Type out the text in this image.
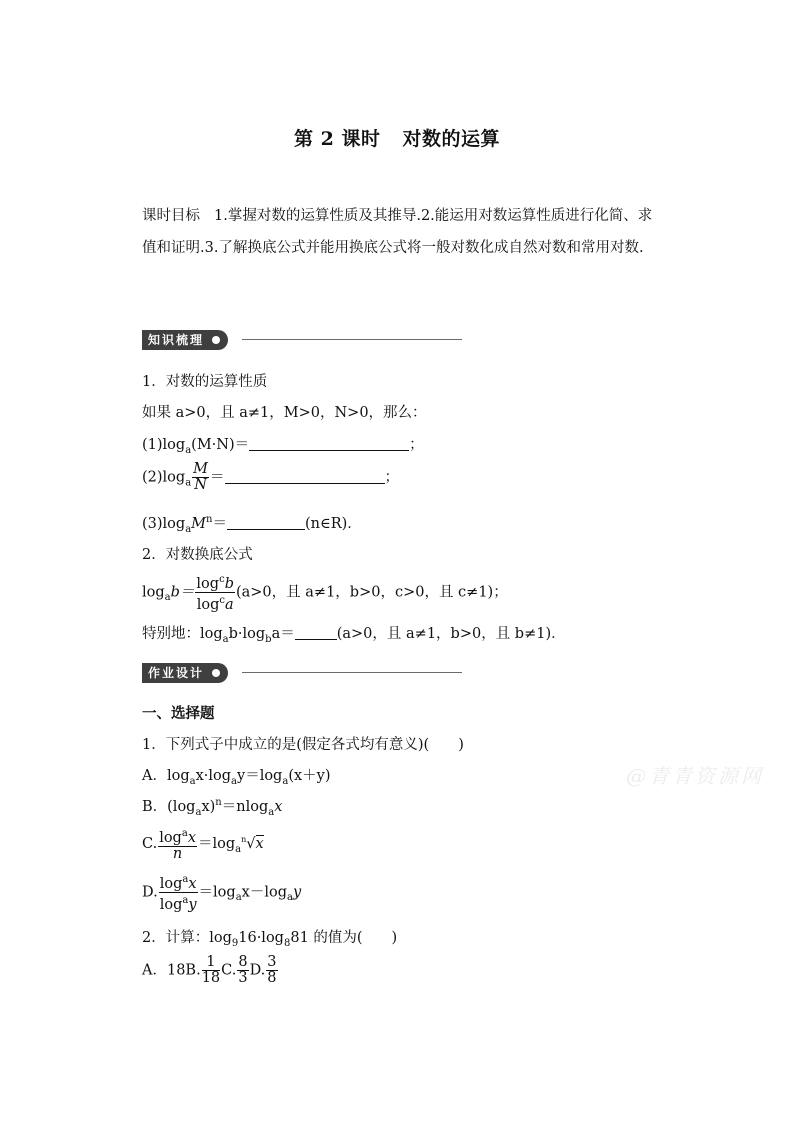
第 2 课时 对数的运算
课时目标 1.掌握对数的运算性质及其推导.2.能运用对数运算性质进行化简、求值和证明.3.了解换底公式并能用换底公式将一般对数化成自然对数和常用对数.
知识梳理
1．对数的运算性质
如果 a>0，且 a≠1，M>0，N>0，那么：
$(1)\log_a(M\cdot N)=$	；
$(2)\log_a \frac{M}{N}$ ＝	；
$(3)\log_aM^n=$	(n∈R)．
2．对数换底公式
$\log_ab= \frac{\log^cb}{\log^ca} (a>0$，且 a≠1，b>0，c>0，且 c≠1)；
特别地：$\log_ab\cdot\log_ba=$	(a>0，且 a≠1，b>0，且 b≠1)．
作业设计
一、选择题
1．下列式子中成立的是(假定各式均有意义)(　　)
A．$\log_ax\cdot\log_ay=\log_a(x+y)$
B．$(\log_ax)^n=nlog_ax$
C. $\frac{\log^ax}{n} =\log_a^n√x$
D. $\frac{\log^ax}{\log^ay} =\log_ax-\log_ay$
2．计算：$\log_916\cdot\log_881$ 的值为(　　)
A．18B. $\frac{1}{18} C$. $\frac{8}{3} D$. $\frac{3}{8}$
@青青资源网
